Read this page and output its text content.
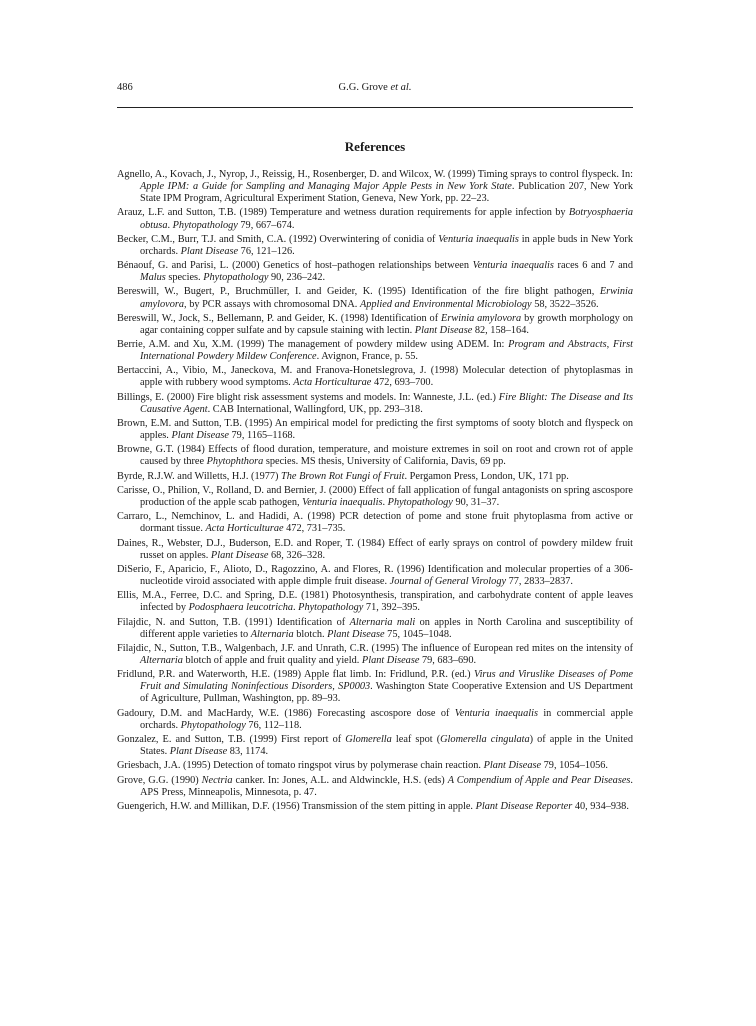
486	G.G. Grove et al.
References
Agnello, A., Kovach, J., Nyrop, J., Reissig, H., Rosenberger, D. and Wilcox, W. (1999) Timing sprays to control flyspeck. In: Apple IPM: a Guide for Sampling and Managing Major Apple Pests in New York State. Publication 207, New York State IPM Program, Agricultural Experiment Station, Geneva, New York, pp. 22–23.
Arauz, L.F. and Sutton, T.B. (1989) Temperature and wetness duration requirements for apple infection by Botryosphaeria obtusa. Phytopathology 79, 667–674.
Becker, C.M., Burr, T.J. and Smith, C.A. (1992) Overwintering of conidia of Venturia inaequalis in apple buds in New York orchards. Plant Disease 76, 121–126.
Bénaouf, G. and Parisi, L. (2000) Genetics of host–pathogen relationships between Venturia inaequalis races 6 and 7 and Malus species. Phytopathology 90, 236–242.
Bereswill, W., Bugert, P., Bruchmüller, I. and Geider, K. (1995) Identification of the fire blight pathogen, Erwinia amylovora, by PCR assays with chromosomal DNA. Applied and Environmental Microbiology 58, 3522–3526.
Bereswill, W., Jock, S., Bellemann, P. and Geider, K. (1998) Identification of Erwinia amylovora by growth morphology on agar containing copper sulfate and by capsule staining with lectin. Plant Disease 82, 158–164.
Berrie, A.M. and Xu, X.M. (1999) The management of powdery mildew using ADEM. In: Program and Abstracts, First International Powdery Mildew Conference. Avignon, France, p. 55.
Bertaccini, A., Vibio, M., Janeckova, M. and Franova-Honetslegrova, J. (1998) Molecular detection of phytoplasmas in apple with rubbery wood symptoms. Acta Horticulturae 472, 693–700.
Billings, E. (2000) Fire blight risk assessment systems and models. In: Wanneste, J.L. (ed.) Fire Blight: The Disease and Its Causative Agent. CAB International, Wallingford, UK, pp. 293–318.
Brown, E.M. and Sutton, T.B. (1995) An empirical model for predicting the first symptoms of sooty blotch and flyspeck on apples. Plant Disease 79, 1165–1168.
Browne, G.T. (1984) Effects of flood duration, temperature, and moisture extremes in soil on root and crown rot of apple caused by three Phytophthora species. MS thesis, University of California, Davis, 69 pp.
Byrde, R.J.W. and Willetts, H.J. (1977) The Brown Rot Fungi of Fruit. Pergamon Press, London, UK, 171 pp.
Carisse, O., Philion, V., Rolland, D. and Bernier, J. (2000) Effect of fall application of fungal antagonists on spring ascospore production of the apple scab pathogen, Venturia inaequalis. Phytopathology 90, 31–37.
Carraro, L., Nemchinov, L. and Hadidi, A. (1998) PCR detection of pome and stone fruit phytoplasma from active or dormant tissue. Acta Horticulturae 472, 731–735.
Daines, R., Webster, D.J., Buderson, E.D. and Roper, T. (1984) Effect of early sprays on control of powdery mildew fruit russet on apples. Plant Disease 68, 326–328.
DiSerio, F., Aparicio, F., Alioto, D., Ragozzino, A. and Flores, R. (1996) Identification and molecular properties of a 306-nucleotide viroid associated with apple dimple fruit disease. Journal of General Virology 77, 2833–2837.
Ellis, M.A., Ferree, D.C. and Spring, D.E. (1981) Photosynthesis, transpiration, and carbohydrate content of apple leaves infected by Podosphaera leucotricha. Phytopathology 71, 392–395.
Filajdic, N. and Sutton, T.B. (1991) Identification of Alternaria mali on apples in North Carolina and susceptibility of different apple varieties to Alternaria blotch. Plant Disease 75, 1045–1048.
Filajdic, N., Sutton, T.B., Walgenbach, J.F. and Unrath, C.R. (1995) The influence of European red mites on the intensity of Alternaria blotch of apple and fruit quality and yield. Plant Disease 79, 683–690.
Fridlund, P.R. and Waterworth, H.E. (1989) Apple flat limb. In: Fridlund, P.R. (ed.) Virus and Viruslike Diseases of Pome Fruit and Simulating Noninfectious Disorders, SP0003. Washington State Cooperative Extension and US Department of Agriculture, Pullman, Washington, pp. 89–93.
Gadoury, D.M. and MacHardy, W.E. (1986) Forecasting ascospore dose of Venturia inaequalis in commercial apple orchards. Phytopathology 76, 112–118.
Gonzalez, E. and Sutton, T.B. (1999) First report of Glomerella leaf spot (Glomerella cingulata) of apple in the United States. Plant Disease 83, 1174.
Griesbach, J.A. (1995) Detection of tomato ringspot virus by polymerase chain reaction. Plant Disease 79, 1054–1056.
Grove, G.G. (1990) Nectria canker. In: Jones, A.L. and Aldwinckle, H.S. (eds) A Compendium of Apple and Pear Diseases. APS Press, Minneapolis, Minnesota, p. 47.
Guengerich, H.W. and Millikan, D.F. (1956) Transmission of the stem pitting in apple. Plant Disease Reporter 40, 934–938.
